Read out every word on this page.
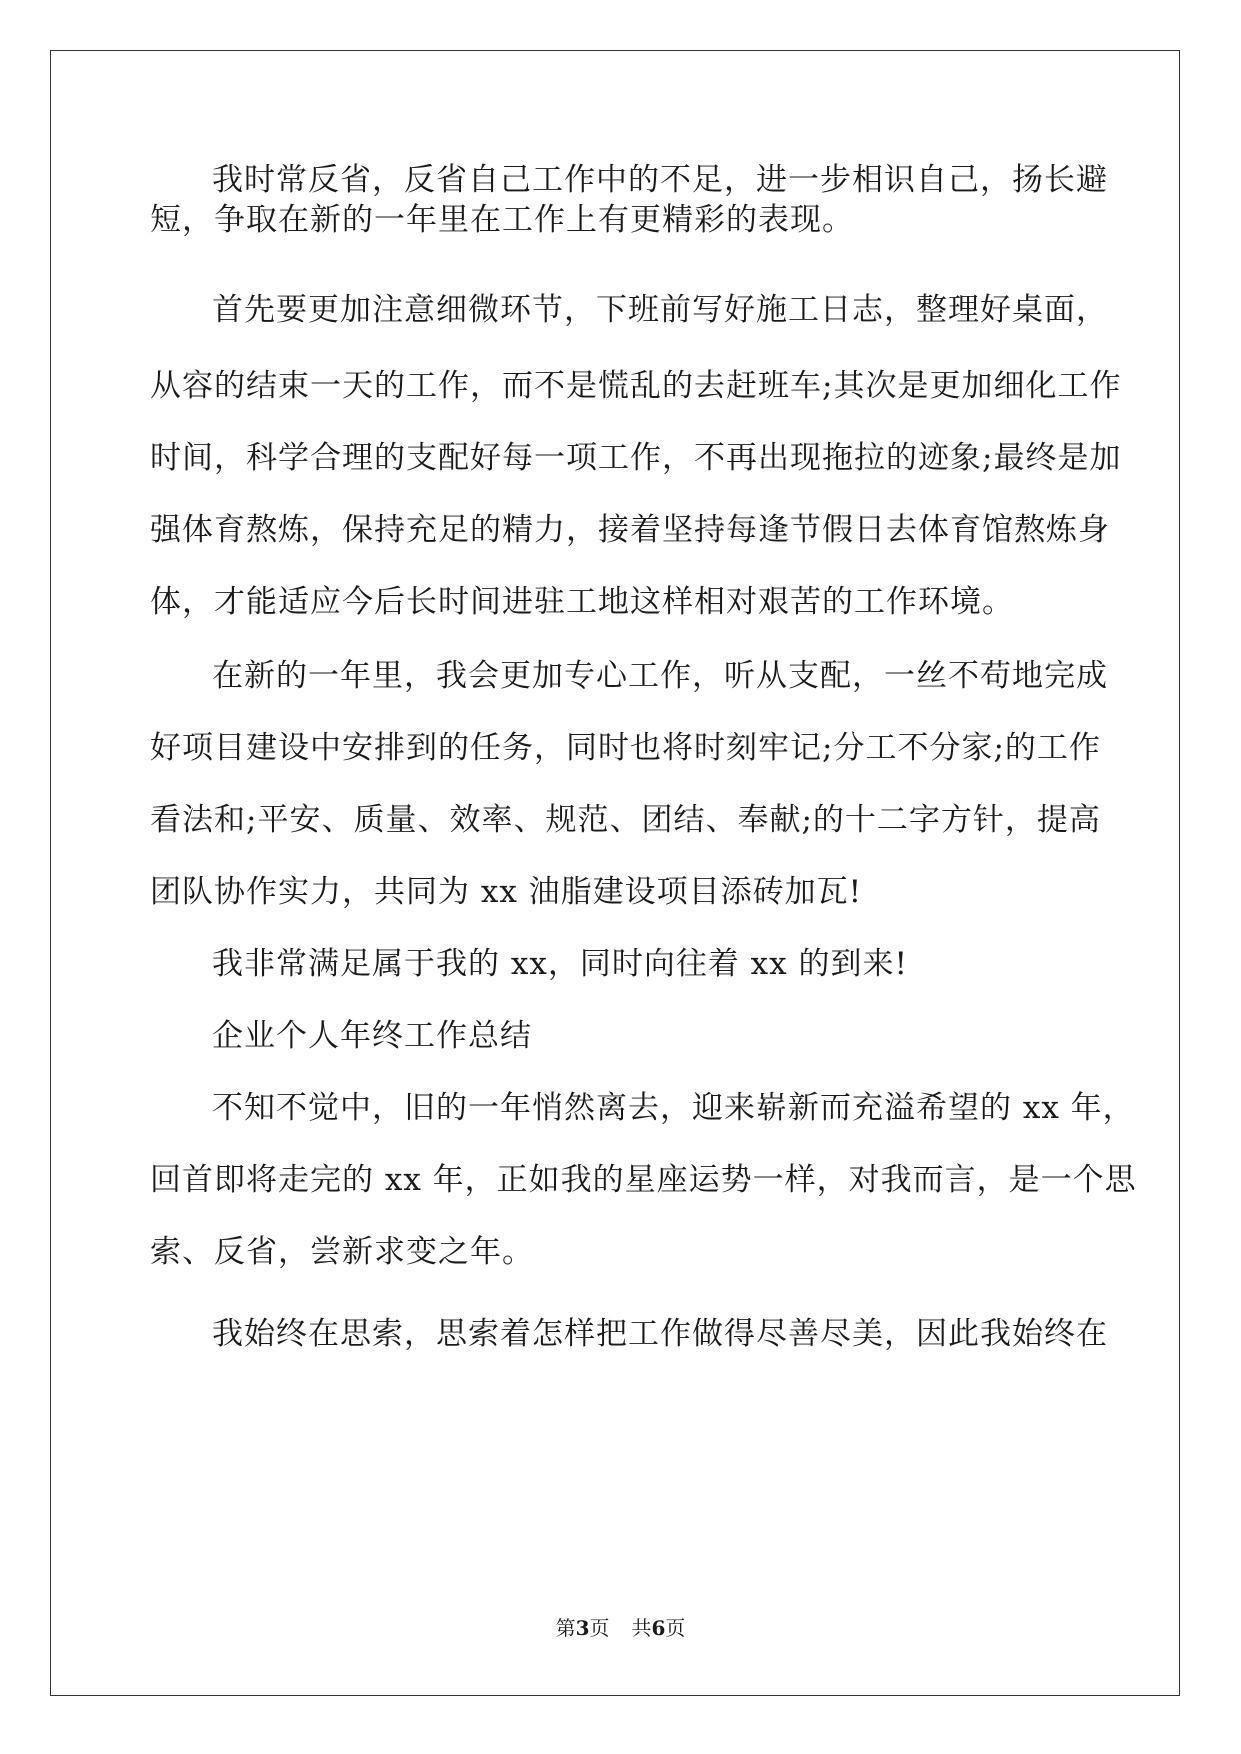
我时常反省，反省自己工作中的不足，进一步相识自己，扬长避
短，争取在新的一年里在工作上有更精彩的表现。
首先要更加注意细微环节，下班前写好施工日志，整理好桌面，
从容的结束一天的工作，而不是慌乱的去赶班车;其次是更加细化工作
时间，科学合理的支配好每一项工作，不再出现拖拉的迹象;最终是加
强体育熬炼，保持充足的精力，接着坚持每逢节假日去体育馆熬炼身
体，才能适应今后长时间进驻工地这样相对艰苦的工作环境。
在新的一年里，我会更加专心工作，听从支配，一丝不苟地完成
好项目建设中安排到的任务，同时也将时刻牢记;分工不分家;的工作
看法和;平安、质量、效率、规范、团结、奉献;的十二字方针，提高
团队协作实力，共同为 xx 油脂建设项目添砖加瓦!
我非常满足属于我的 xx，同时向往着 xx 的到来!
企业个人年终工作总结
不知不觉中，旧的一年悄然离去，迎来崭新而充溢希望的 xx 年，
回首即将走完的 xx 年，正如我的星座运势一样，对我而言，是一个思
索、反省，尝新求变之年。
我始终在思索，思索着怎样把工作做得尽善尽美，因此我始终在
第3页 共6页
